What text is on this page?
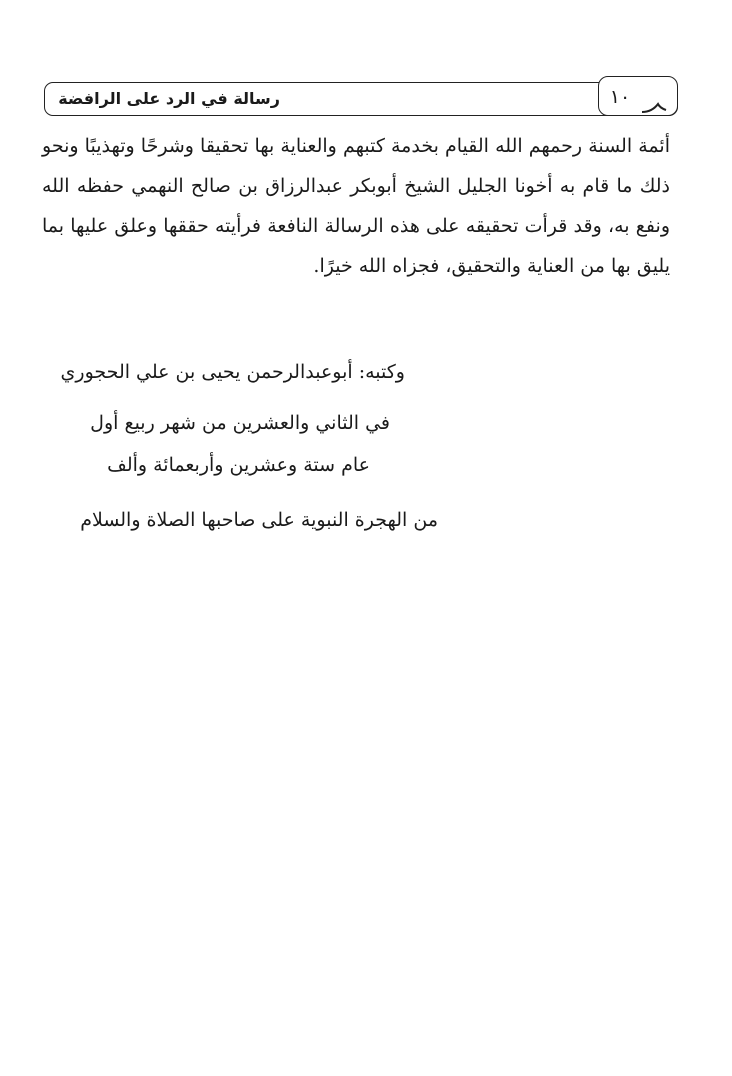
رسالة في الرد على الرافضة	١٠

أئمة السنة رحمهم الله القيام بخدمة كتبهم والعناية بها تحقيقا وشرحًا وتهذيبًا ونحو ذلك ما قام به أخونا الجليل الشيخ أبوبكر عبدالرزاق بن صالح النهمي حفظه الله ونفع به، وقد قرأت تحقيقه على هذه الرسالة النافعة فرأيته حققها وعلق عليها بما يليق بها من العناية والتحقيق، فجزاه الله خيرًا.

وكتبه: أبوعبدالرحمن يحيى بن علي الحجوري
في الثاني والعشرين من شهر ربيع أول
عام ستة وعشرين وأربعمائة وألف
من الهجرة النبوية على صاحبها الصلاة والسلام
